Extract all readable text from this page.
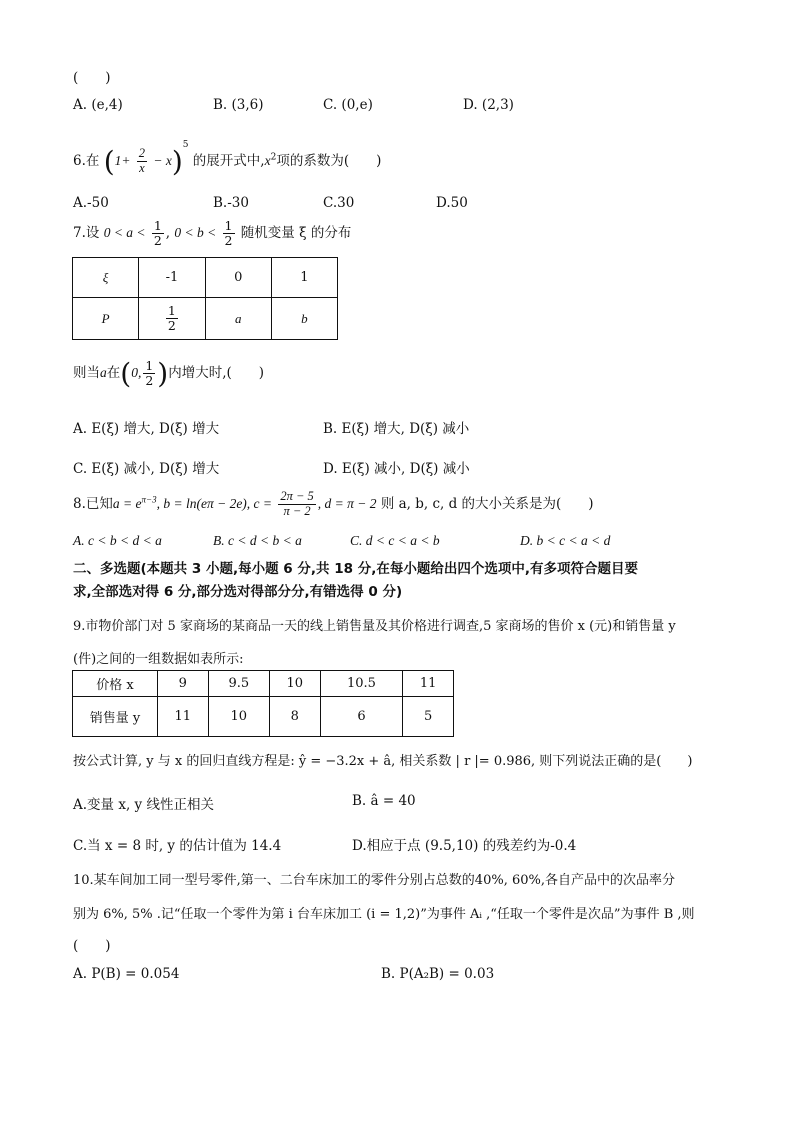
(　　)
A. (e,4)	B. (3,6)	C. (0,e)	D. (2,3)
6.在 $(1+ \frac{2}{x} - x)^5$ 的展开式中$,x^2$项的系数为(　　)
A.-50	B.-30	C.30	D.50
7.设 $0 < a < \frac{1}{2}$ , $0 < b < \frac{1}{2}$ 随机变量 ξ 的分布
ξ	-1	0	1
P	$\frac{1}{2}$	a	b
则当a在(0, $\frac{1}{2}$ )内增大时,(　　)
A. E(ξ) 增大, D(ξ) 增大	B. E(ξ) 增大, D(ξ) 减小
C. E(ξ) 减小, D(ξ) 增大	D. E(ξ) 减小, D(ξ) 减小
8.已知$a = e^{\pi-3}$, b = ln(eπ − 2e), $c = \frac{2\pi - 5}{\pi - 2}$ , d = π − 2 则 a, b, c, d 的大小关系是为(　　)
A. c < b < d < a	B. c < d < b < a	C. d < c < a < b	D. b < c < a < d
二、多选题(本题共 3 小题,每小题 6 分,共 18 分,在每小题给出四个选项中,有多项符合题目要
求,全部选对得 6 分,部分选对得部分分,有错选得 0 分)
9.市物价部门对 5 家商场的某商品一天的线上销售量及其价格进行调查,5 家商场的售价 x (元)和销售量 y
(件)之间的一组数据如表所示:
价格 x	9	9.5	10	10.5	11
销售量 y	11	10	8	6	5
按公式计算, y 与 x 的回归直线方程是: ŷ = −3.2x + â, 相关系数 | r |= 0.986, 则下列说法正确的是(　　)
A.变量 x, y 线性正相关	B. â = 40
C.当 x = 8 时, y 的估计值为 14.4	D.相应于点 (9.5,10) 的残差约为-0.4
10.某车间加工同一型号零件,第一、二台车床加工的零件分别占总数的40%, 60%,各自产品中的次品率分
别为 6%, 5% .记“任取一个零件为第 i 台车床加工 (i = 1,2)”为事件 Aᵢ ,“任取一个零件是次品”为事件 B ,则
(　　)
A. P(B) = 0.054	B. P(A₂B) = 0.03
